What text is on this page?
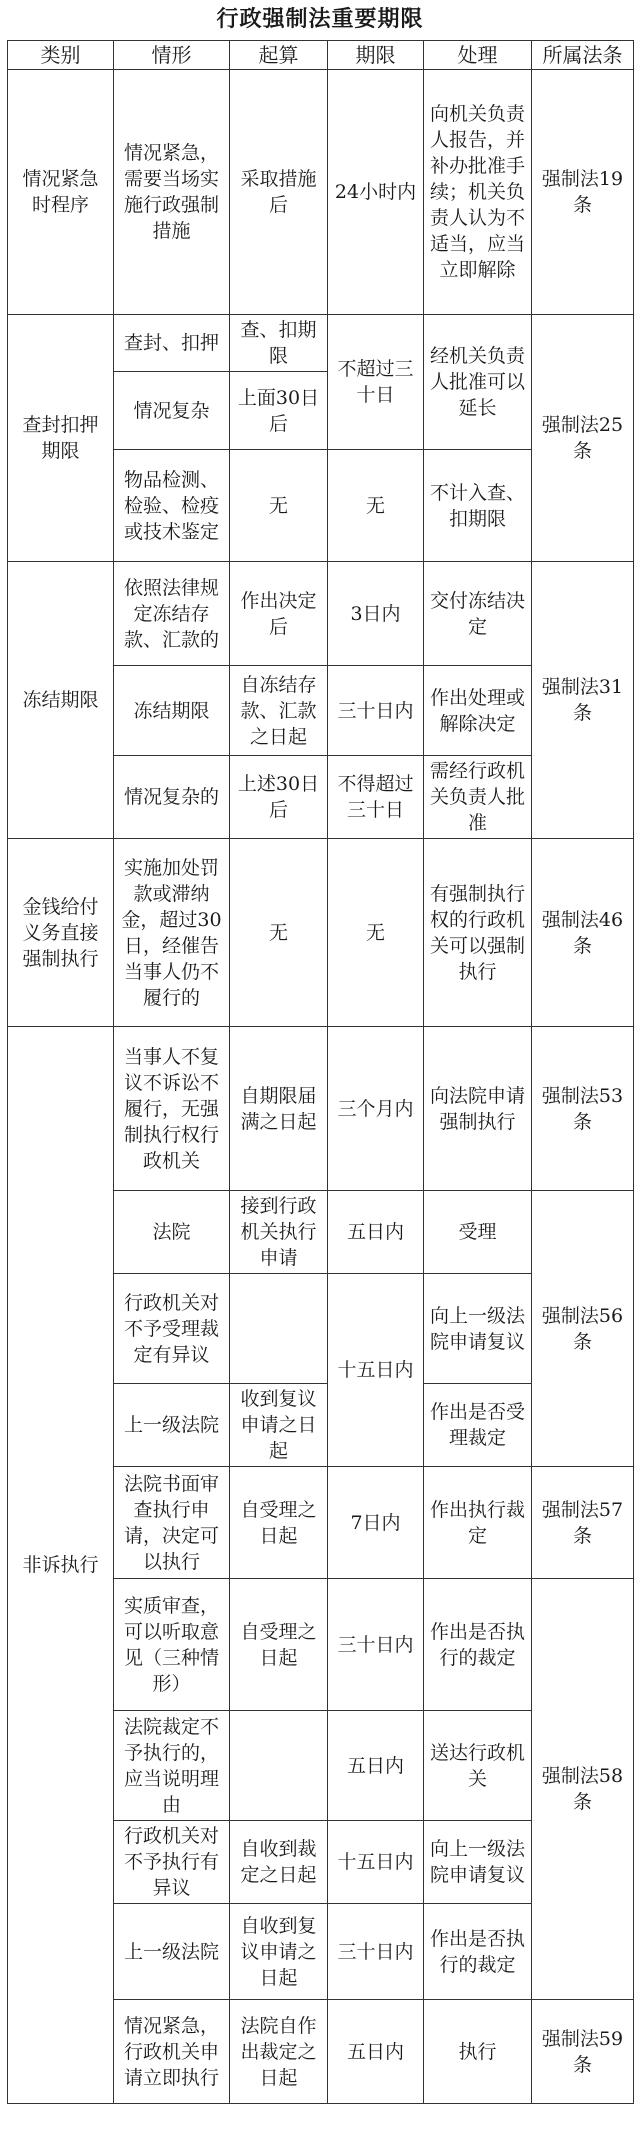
行政强制法重要期限
类别	情形	起算	期限	处理	所属法条
情况紧急时程序	情况紧急，需要当场实施行政强制措施	采取措施后	24小时内	向机关负责人报告，并补办批准手续；机关负责人认为不适当，应当立即解除	强制法19条
查封扣押期限	查封、扣押	查、扣期限	不超过三十日	经机关负责人批准可以延长	强制法25条
	情况复杂	上面30日后			
	物品检测、检验、检疫或技术鉴定	无	无	不计入查、扣期限	
冻结期限	依照法律规定冻结存款、汇款的	作出决定后	3日内	交付冻结决定	强制法31条
	冻结期限	自冻结存款、汇款之日起	三十日内	作出处理或解除决定	
	情况复杂的	上述30日后	不得超过三十日	需经行政机关负责人批准	
金钱给付义务直接强制执行	实施加处罚款或滞纳金，超过30日，经催告当事人仍不履行的	无	无	有强制执行权的行政机关可以强制执行	强制法46条
非诉执行	当事人不复议不诉讼不履行，无强制执行权行政机关	自期限届满之日起	三个月内	向法院申请强制执行	强制法53条
	法院	接到行政机关执行申请	五日内	受理	强制法56条
	行政机关对不予受理裁定有异议		十五日内	向上一级法院申请复议	
	上一级法院	收到复议申请之日起		作出是否受理裁定	
	法院书面审查执行申请，决定可以执行	自受理之日起	7日内	作出执行裁定	强制法57条
	实质审查，可以听取意见（三种情形）	自受理之日起	三十日内	作出是否执行的裁定	强制法58条
	法院裁定不予执行的，应当说明理由		五日内	送达行政机关	
	行政机关对不予执行有异议	自收到裁定之日起	十五日内	向上一级法院申请复议	
	上一级法院	自收到复议申请之日起	三十日内	作出是否执行的裁定	
	情况紧急，行政机关申请立即执行	法院自作出裁定之日起	五日内	执行	强制法59条
